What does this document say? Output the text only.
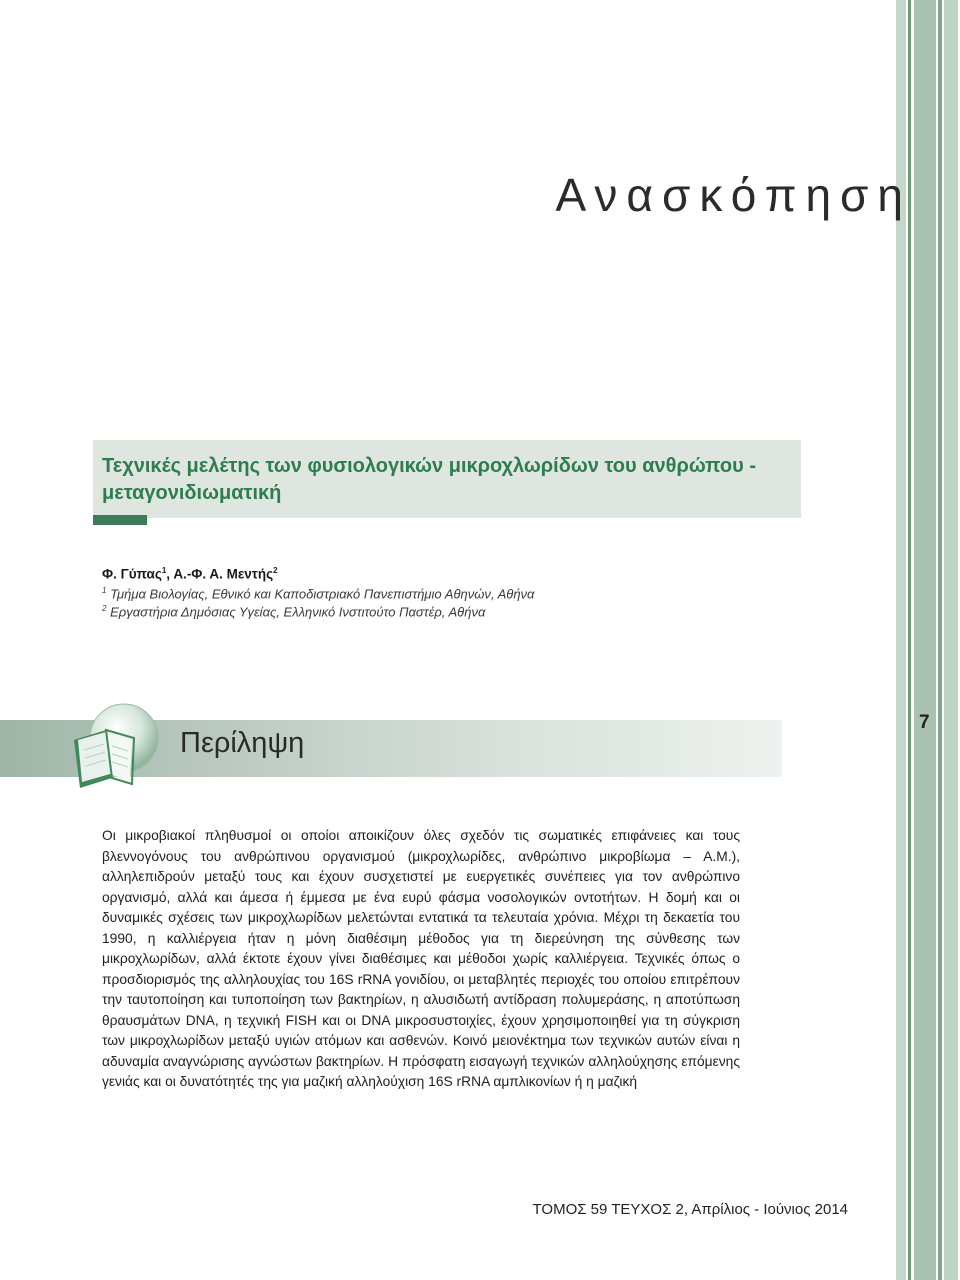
Ανασκόπηση
Τεχνικές μελέτης των φυσιολογικών μικροχλωρίδων του ανθρώπου - μεταγονιδιωματική
Φ. Γύπας$^1$, Α.-Φ. Α. Μεντής$^2$
$^1$ Τμήμα Βιολογίας, Εθνικό και Καποδιστριακό Πανεπιστήμιο Αθηνών, Αθήνα
$^2$ Εργαστήρια Δημόσιας Υγείας, Ελληνικό Ινστιτούτο Παστέρ, Αθήνα
Περίληψη
7
Οι μικροβιακοί πληθυσμοί οι οποίοι αποικίζουν όλες σχεδόν τις σωματικές επιφάνειες και τους βλεννογόνους του ανθρώπινου οργανισμού (μικροχλωρίδες, ανθρώπινο μικροβίωμα – Α.Μ.), αλληλεπιδρούν μεταξύ τους και έχουν συσχετιστεί με ευεργετικές συνέπειες για τον ανθρώπινο οργανισμό, αλλά και άμεσα ή έμμεσα με ένα ευρύ φάσμα νοσολογικών οντοτήτων. Η δομή και οι δυναμικές σχέσεις των μικροχλωρίδων μελετώνται εντατικά τα τελευταία χρόνια. Μέχρι τη δεκαετία του 1990, η καλλιέργεια ήταν η μόνη διαθέσιμη μέθοδος για τη διερεύνηση της σύνθεσης των μικροχλωρίδων, αλλά έκτοτε έχουν γίνει διαθέσιμες και μέθοδοι χωρίς καλλιέργεια. Τεχνικές όπως ο προσδιορισμός της αλληλουχίας του 16S rRNA γονιδίου, οι μεταβλητές περιοχές του οποίου επιτρέπουν την ταυτοποίηση και τυποποίηση των βακτηρίων, η αλυσιδωτή αντίδραση πολυμεράσης, η αποτύπωση θραυσμάτων DNA, η τεχνική FISH και οι DNA μικροσυστοιχίες, έχουν χρησιμοποιηθεί για τη σύγκριση των μικροχλωρίδων μεταξύ υγιών ατόμων και ασθενών. Κοινό μειονέκτημα των τεχνικών αυτών είναι η αδυναμία αναγνώρισης αγνώστων βακτηρίων. Η πρόσφατη εισαγωγή τεχνικών αλληλούχησης επόμενης γενιάς και οι δυνατότητές της για μαζική αλληλούχιση 16S rRNA αμπλικονίων ή η μαζική
ΤΟΜΟΣ 59 ΤΕΥΧΟΣ 2, Απρίλιος - Ιούνιος 2014
